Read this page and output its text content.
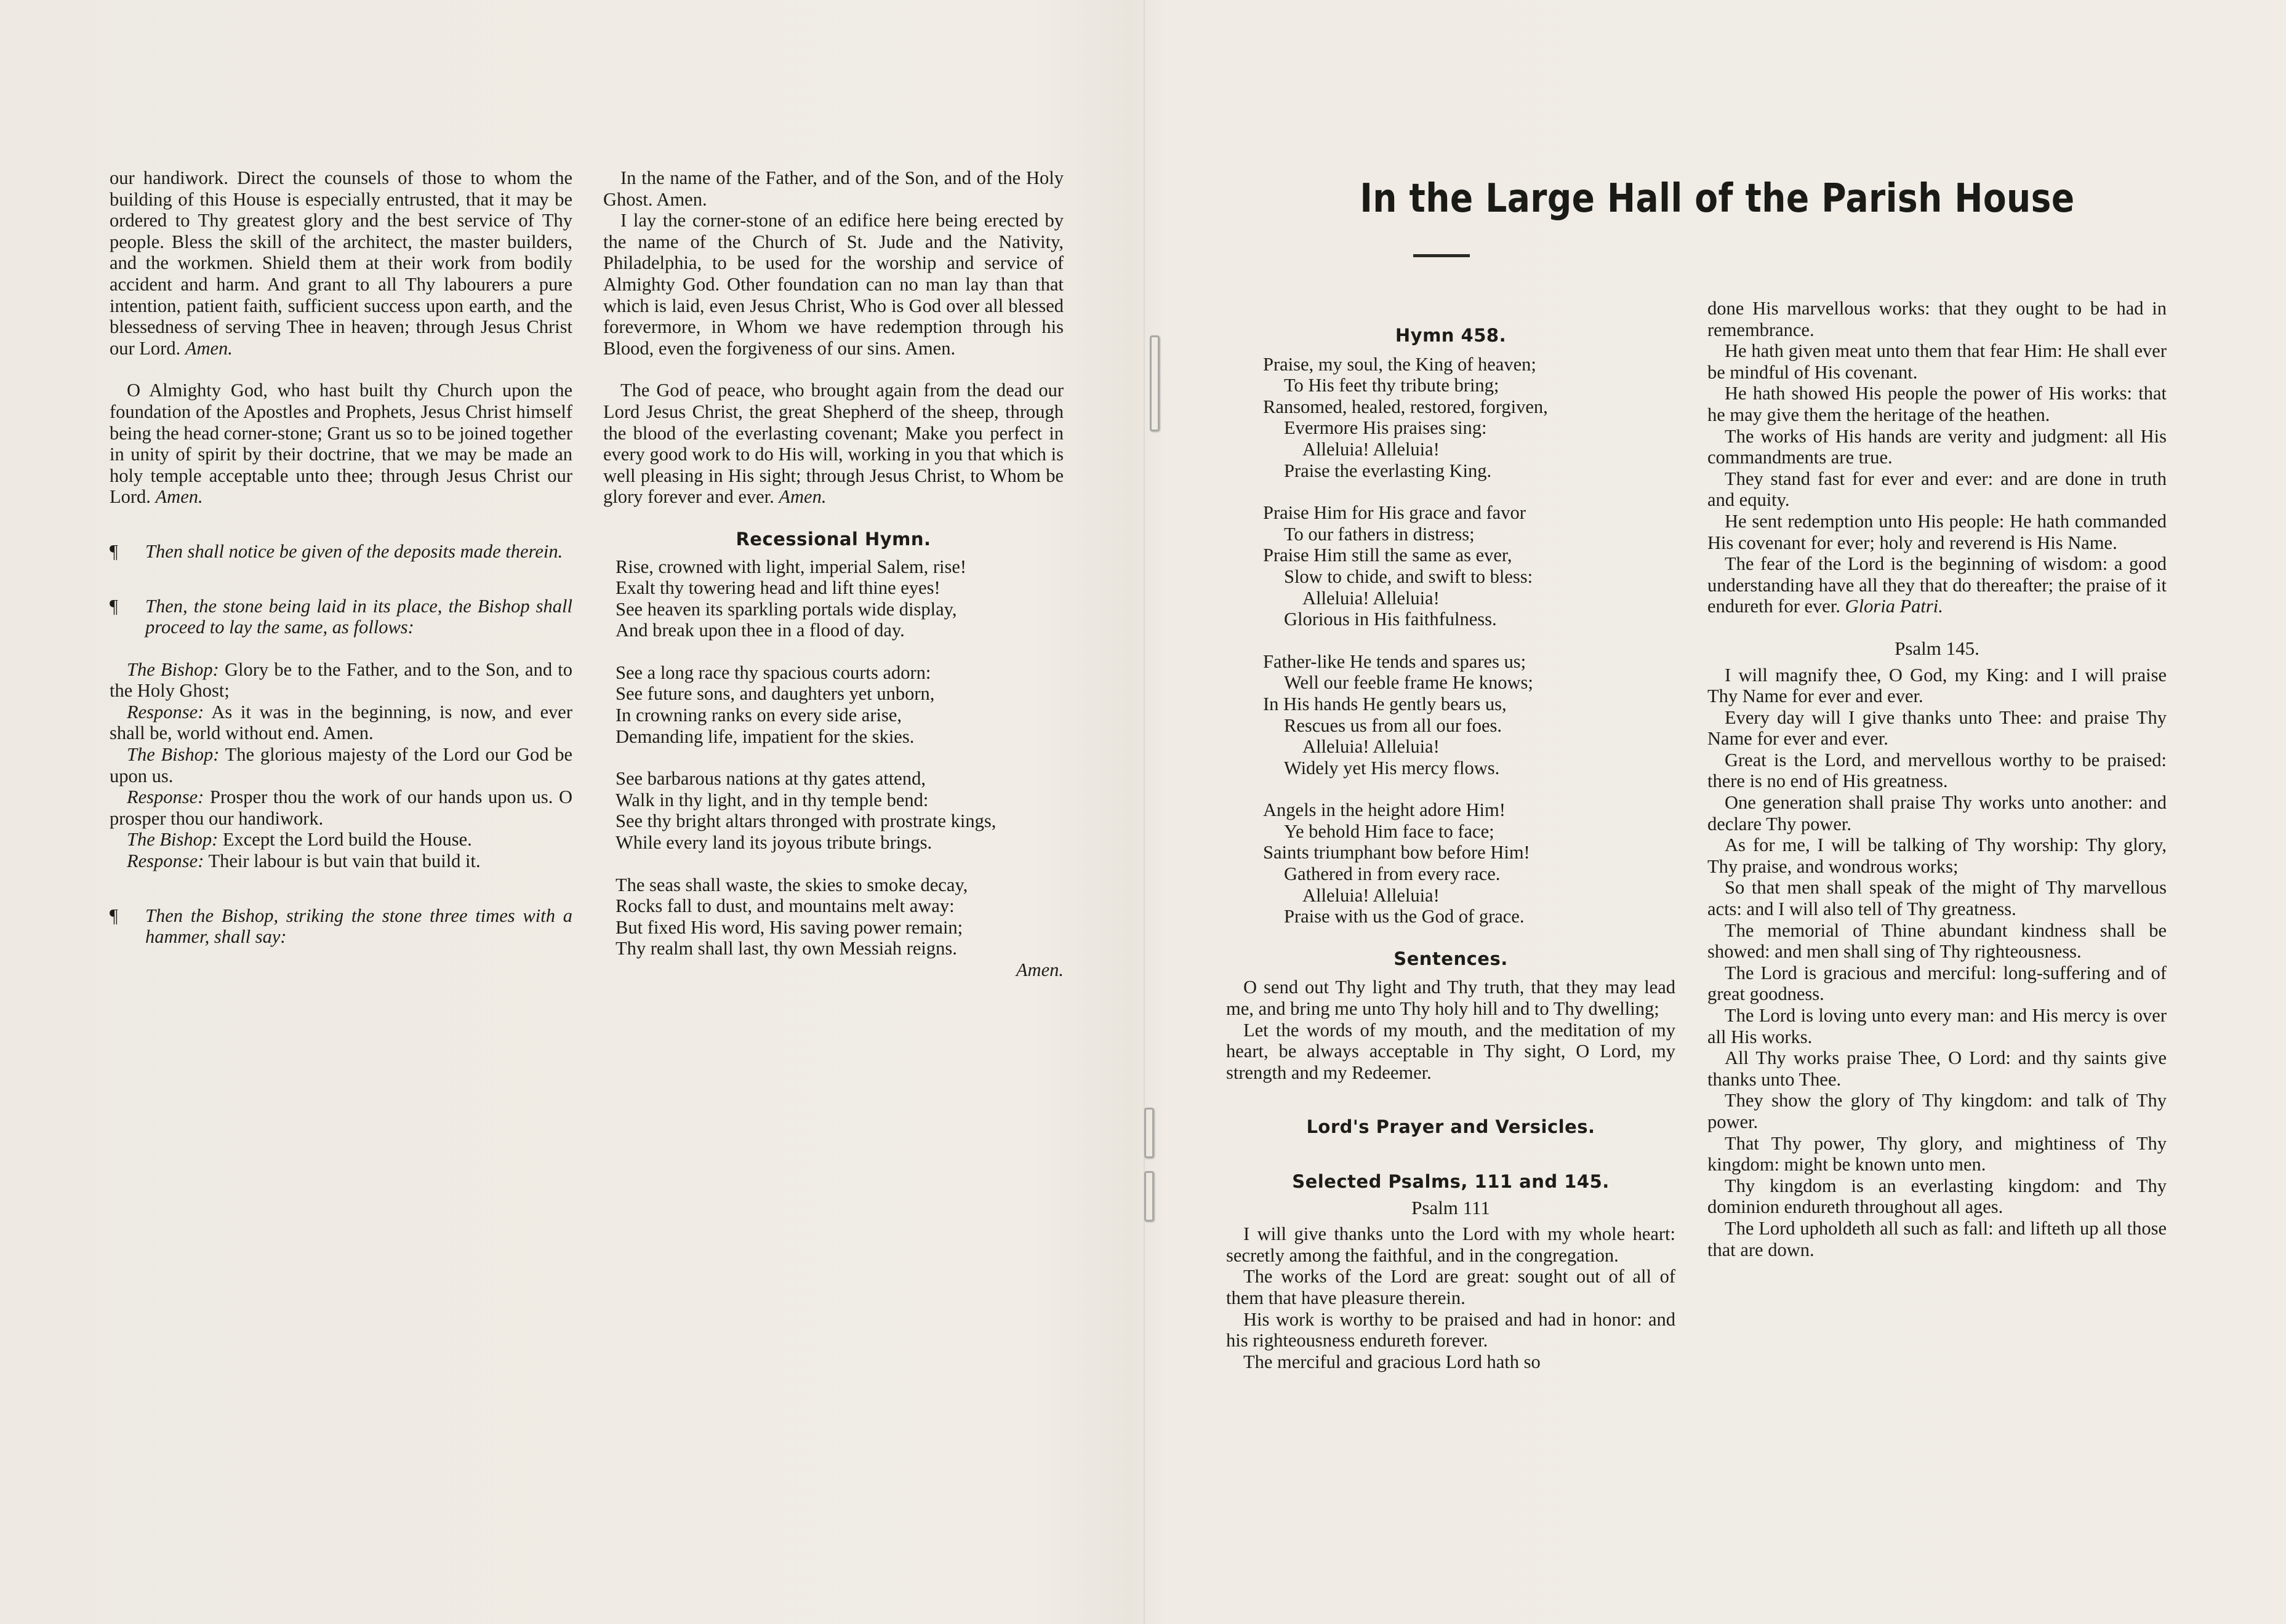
our handiwork. Direct the counsels of those to whom the building of this House is especially entrusted, that it may be ordered to Thy greatest glory and the best service of Thy people. Bless the skill of the architect, the master builders, and the workmen. Shield them at their work from bodily accident and harm. And grant to all Thy labourers a pure intention, patient faith, sufficient success upon earth, and the blessedness of serving Thee in heaven; through Jesus Christ our Lord. Amen.

O Almighty God, who hast built thy Church upon the foundation of the Apostles and Prophets, Jesus Christ himself being the head corner-stone; Grant us so to be joined together in unity of spirit by their doctrine, that we may be made an holy temple acceptable unto thee; through Jesus Christ our Lord. Amen.

¶ Then shall notice be given of the deposits made therein.

¶ Then, the stone being laid in its place, the Bishop shall proceed to lay the same, as follows:

The Bishop: Glory be to the Father, and to the Son, and to the Holy Ghost;

Response: As it was in the beginning, is now, and ever shall be, world without end. Amen.

The Bishop: The glorious majesty of the Lord our God be upon us.

Response: Prosper thou the work of our hands upon us. O prosper thou our handiwork.

The Bishop: Except the Lord build the House.

Response: Their labour is but vain that build it.

¶ Then the Bishop, striking the stone three times with a hammer, shall say:

In the name of the Father, and of the Son, and of the Holy Ghost. Amen.

I lay the corner-stone of an edifice here being erected by the name of the Church of St. Jude and the Nativity, Philadelphia, to be used for the worship and service of Almighty God. Other foundation can no man lay than that which is laid, even Jesus Christ, Who is God over all blessed forevermore, in Whom we have redemption through his Blood, even the forgiveness of our sins. Amen.

The God of peace, who brought again from the dead our Lord Jesus Christ, the great Shepherd of the sheep, through the blood of the everlasting covenant; Make you perfect in every good work to do His will, working in you that which is well pleasing in His sight; through Jesus Christ, to Whom be glory forever and ever. Amen.

Recessional Hymn.

Rise, crowned with light, imperial Salem, rise!

Exalt thy towering head and lift thine eyes!

See heaven its sparkling portals wide display,

And break upon thee in a flood of day.

See a long race thy spacious courts adorn:

See future sons, and daughters yet unborn,

In crowning ranks on every side arise,

Demanding life, impatient for the skies.

See barbarous nations at thy gates attend,

Walk in thy light, and in thy temple bend:

See thy bright altars thronged with prostrate kings,

While every land its joyous tribute brings.

The seas shall waste, the skies to smoke decay,

Rocks fall to dust, and mountains melt away:

But fixed His word, His saving power remain;

Thy realm shall last, thy own Messiah reigns.

Amen.

In the Large Hall of the Parish House
Hymn 458.

Praise, my soul, the King of heaven;

To His feet thy tribute bring;

Ransomed, healed, restored, forgiven,

Evermore His praises sing:

Alleluia! Alleluia!

Praise the everlasting King.

Praise Him for His grace and favor

To our fathers in distress;

Praise Him still the same as ever,

Slow to chide, and swift to bless:

Alleluia! Alleluia!

Glorious in His faithfulness.

Father-like He tends and spares us;

Well our feeble frame He knows;

In His hands He gently bears us,

Rescues us from all our foes.

Alleluia! Alleluia!

Widely yet His mercy flows.

Angels in the height adore Him!

Ye behold Him face to face;

Saints triumphant bow before Him!

Gathered in from every race.

Alleluia! Alleluia!

Praise with us the God of grace.

Sentences.

O send out Thy light and Thy truth, that they may lead me, and bring me unto Thy holy hill and to Thy dwelling;

Let the words of my mouth, and the meditation of my heart, be always acceptable in Thy sight, O Lord, my strength and my Redeemer.

Lord's Prayer and Versicles.
Selected Psalms, 111 and 145.
Psalm 111

I will give thanks unto the Lord with my whole heart: secretly among the faithful, and in the congregation.

The works of the Lord are great: sought out of all of them that have pleasure therein.

His work is worthy to be praised and had in honor: and his righteousness endureth forever.

The merciful and gracious Lord hath so

done His marvellous works: that they ought to be had in remembrance.

He hath given meat unto them that fear Him: He shall ever be mindful of His covenant.

He hath showed His people the power of His works: that he may give them the heritage of the heathen.

The works of His hands are verity and judgment: all His commandments are true.

They stand fast for ever and ever: and are done in truth and equity.

He sent redemption unto His people: He hath commanded His covenant for ever; holy and reverend is His Name.

The fear of the Lord is the beginning of wisdom: a good understanding have all they that do thereafter; the praise of it endureth for ever. Gloria Patri.

Psalm 145.

I will magnify thee, O God, my King: and I will praise Thy Name for ever and ever.

Every day will I give thanks unto Thee: and praise Thy Name for ever and ever.

Great is the Lord, and mervellous worthy to be praised: there is no end of His greatness.

One generation shall praise Thy works unto another: and declare Thy power.

As for me, I will be talking of Thy worship: Thy glory, Thy praise, and wondrous works;

So that men shall speak of the might of Thy marvellous acts: and I will also tell of Thy greatness.

The memorial of Thine abundant kindness shall be showed: and men shall sing of Thy righteousness.

The Lord is gracious and merciful: long-suffering and of great goodness.

The Lord is loving unto every man: and His mercy is over all His works.

All Thy works praise Thee, O Lord: and thy saints give thanks unto Thee.

They show the glory of Thy kingdom: and talk of Thy power.

That Thy power, Thy glory, and mightiness of Thy kingdom: might be known unto men.

Thy kingdom is an everlasting kingdom: and Thy dominion endureth throughout all ages.

The Lord upholdeth all such as fall: and lifteth up all those that are down.
